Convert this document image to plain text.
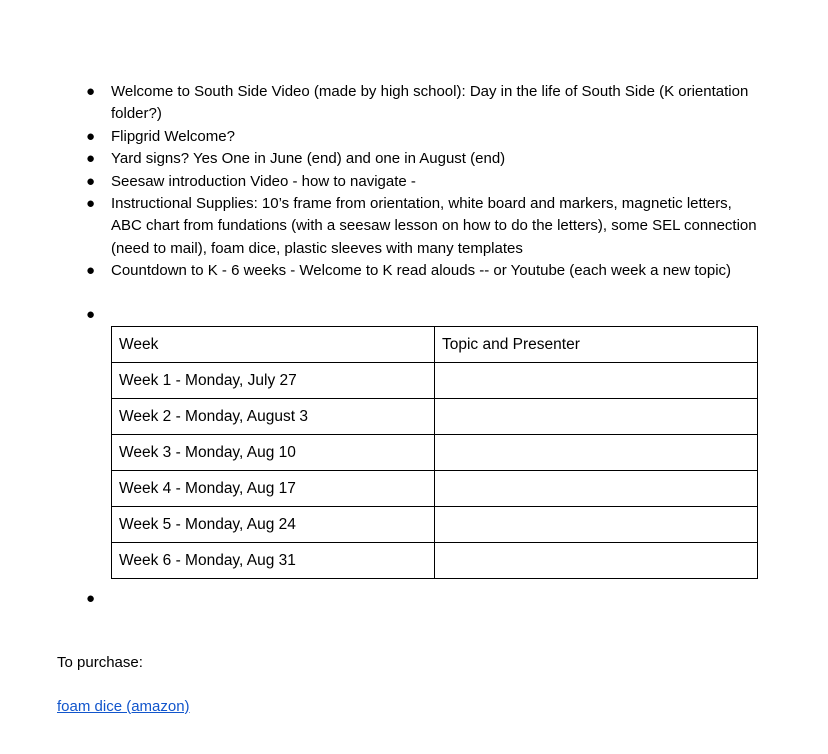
● Welcome to South Side Video (made by high school): Day in the life of South Side (K orientation folder?)
● Flipgrid Welcome?
● Yard signs? Yes One in June (end) and one in August (end)
● Seesaw introduction Video - how to navigate -
● Instructional Supplies: 10’s frame from orientation, white board and markers, magnetic letters, ABC chart from fundations (with a seesaw lesson on how to do the letters), some SEL connection (need to mail), foam dice, plastic sleeves with many templates
● Countdown to K - 6 weeks - Welcome to K read alouds -- or Youtube (each week a new topic)
●
Week	Topic and Presenter
Week 1 - Monday, July 27	
Week 2 - Monday, August 3	
Week 3 - Monday, Aug 10	
Week 4 - Monday, Aug 17	
Week 5 - Monday, Aug 24	
Week 6 - Monday, Aug 31	
●
To purchase:
foam dice (amazon)
